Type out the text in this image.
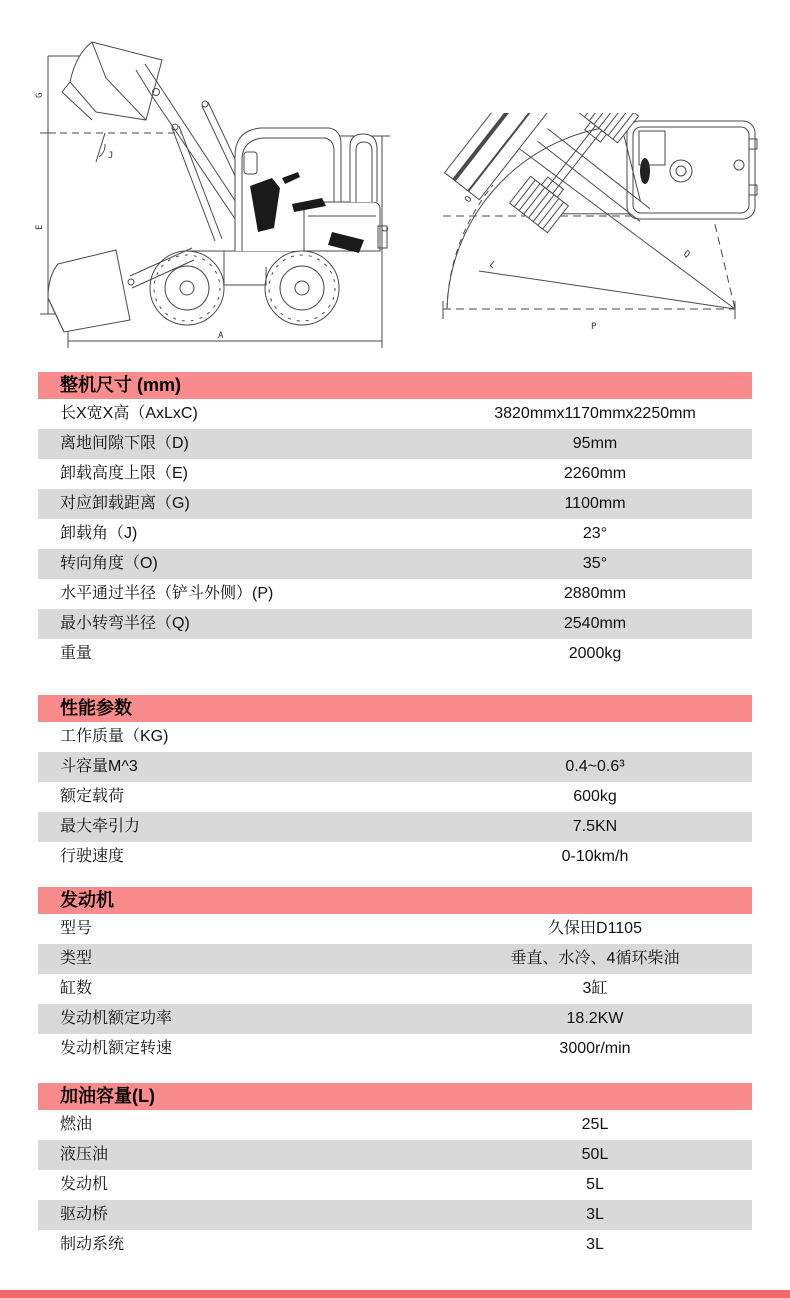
G
J
E	C
A
O
L
Q
P
整机尺寸 (mm)
长X宽X高（AxLxC)	3820mmx1170mmx2250mm
离地间隙下限（D)	95mm
卸载高度上限（E)	2260mm
对应卸载距离（G)	1100mm
卸载角（J)	23°
转向角度（O)	35°
水平通过半径（铲斗外侧）(P)	2880mm
最小转弯半径（Q)	2540mm
重量	2000kg
性能参数
工作质量（KG)
斗容量M^3	0.4~0.6³
额定载荷	600kg
最大牵引力	7.5KN
行驶速度	0-10km/h
发动机
型号	久保田D1105
类型	垂直、水冷、4循环柴油
缸数	3缸
发动机额定功率	18.2KW
发动机额定转速	3000r/min
加油容量(L)
燃油	25L
液压油	50L
发动机	5L
驱动桥	3L
制动系统	3L
